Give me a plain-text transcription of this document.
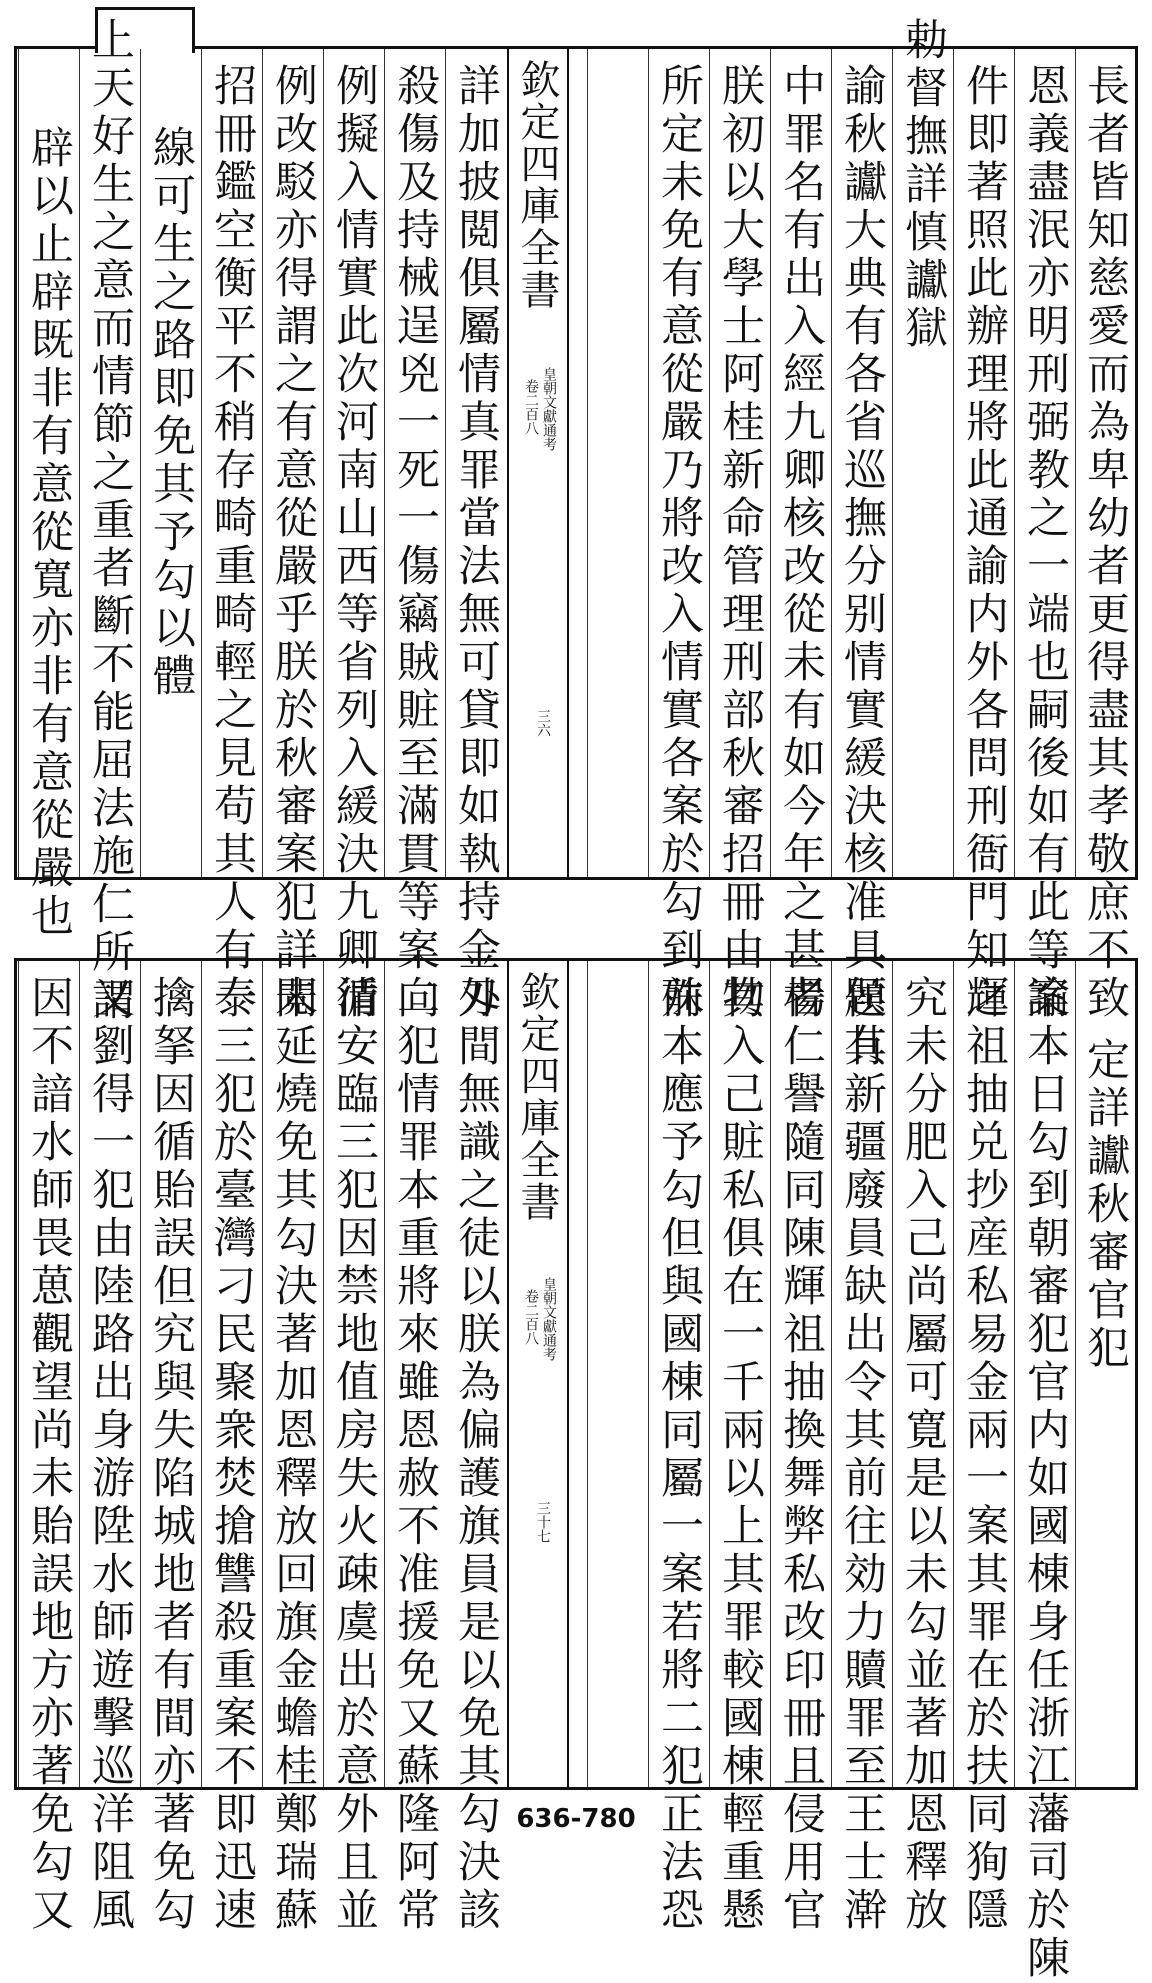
詳加披閲俱屬情真罪當法無可貸即如執持金刄
殺傷及持械逞兇一死一傷竊賊賍至滿貫等案向
例擬入情實此次河南山西等省列入緩決九卿循
例改駁亦得謂之有意從嚴乎朕於秋審案犯詳閲
招冊鑑空衡平不稍存畸重畸輕之見苟其人有一
線可生之路即免其予勾以體
上天好生之意而情節之重者斷不能屈法施仁所謂
辟以止辟既非有意從寬亦非有意從嚴也	欽定四庫全書
皇朝文獻通考
卷二百八
三六	長者皆知慈愛而為卑幼者更得盡其孝敬庶不致
恩義盡泯亦明刑弼教之一端也嗣後如有此等案
件即著照此辦理將此通諭内外各問刑衙門知之
勅督撫詳慎讞獄
諭秋讞大典有各省巡撫分别情實緩決核准具題其
中罪名有出入經九卿核改從未有如今年之甚者
朕初以大學士阿桂新命管理刑部秋審招冊由其
所定未免有意從嚴乃將改入情實各案於勾到前
外間無識之徒以朕為偏護旗員是以免其勾決該
二犯情罪本重將來雖恩赦不准援免又蘇隆阿常
清安臨三犯因禁地值房失火疎虞出於意外且並
未延燒免其勾決著加恩釋放回旗金蟾桂鄭瑞蘇
泰三犯於臺灣刁民聚衆焚搶讐殺重案不即迅速
擒拏因循貽誤但究與失陷城地者有間亦著免勾
又劉得一犯由陸路出身游陞水師遊擊巡洋阻風
因不諳水師畏葸觀望尚未貽誤地方亦著免勾又	欽定四庫全書
皇朝文獻通考
卷二百八
三十七
定詳讞秋審官犯
諭本日勾到朝審犯官内如國棟身任浙江藩司於陳
輝祖抽兑抄産私易金兩一案其罪在於扶同狥隱
究未分肥入己尚屬可寛是以未勾並著加恩釋放
侯有新疆廢員缺出令其前往効力贖罪至王士澣
楊仁譽隨同陳輝祖抽換舞弊私改印冊且侵用官
物入己賍私俱在一千兩以上其罪較國棟輕重懸
殊本應予勾但與國棟同屬一案若將二犯正法恐
636-780
